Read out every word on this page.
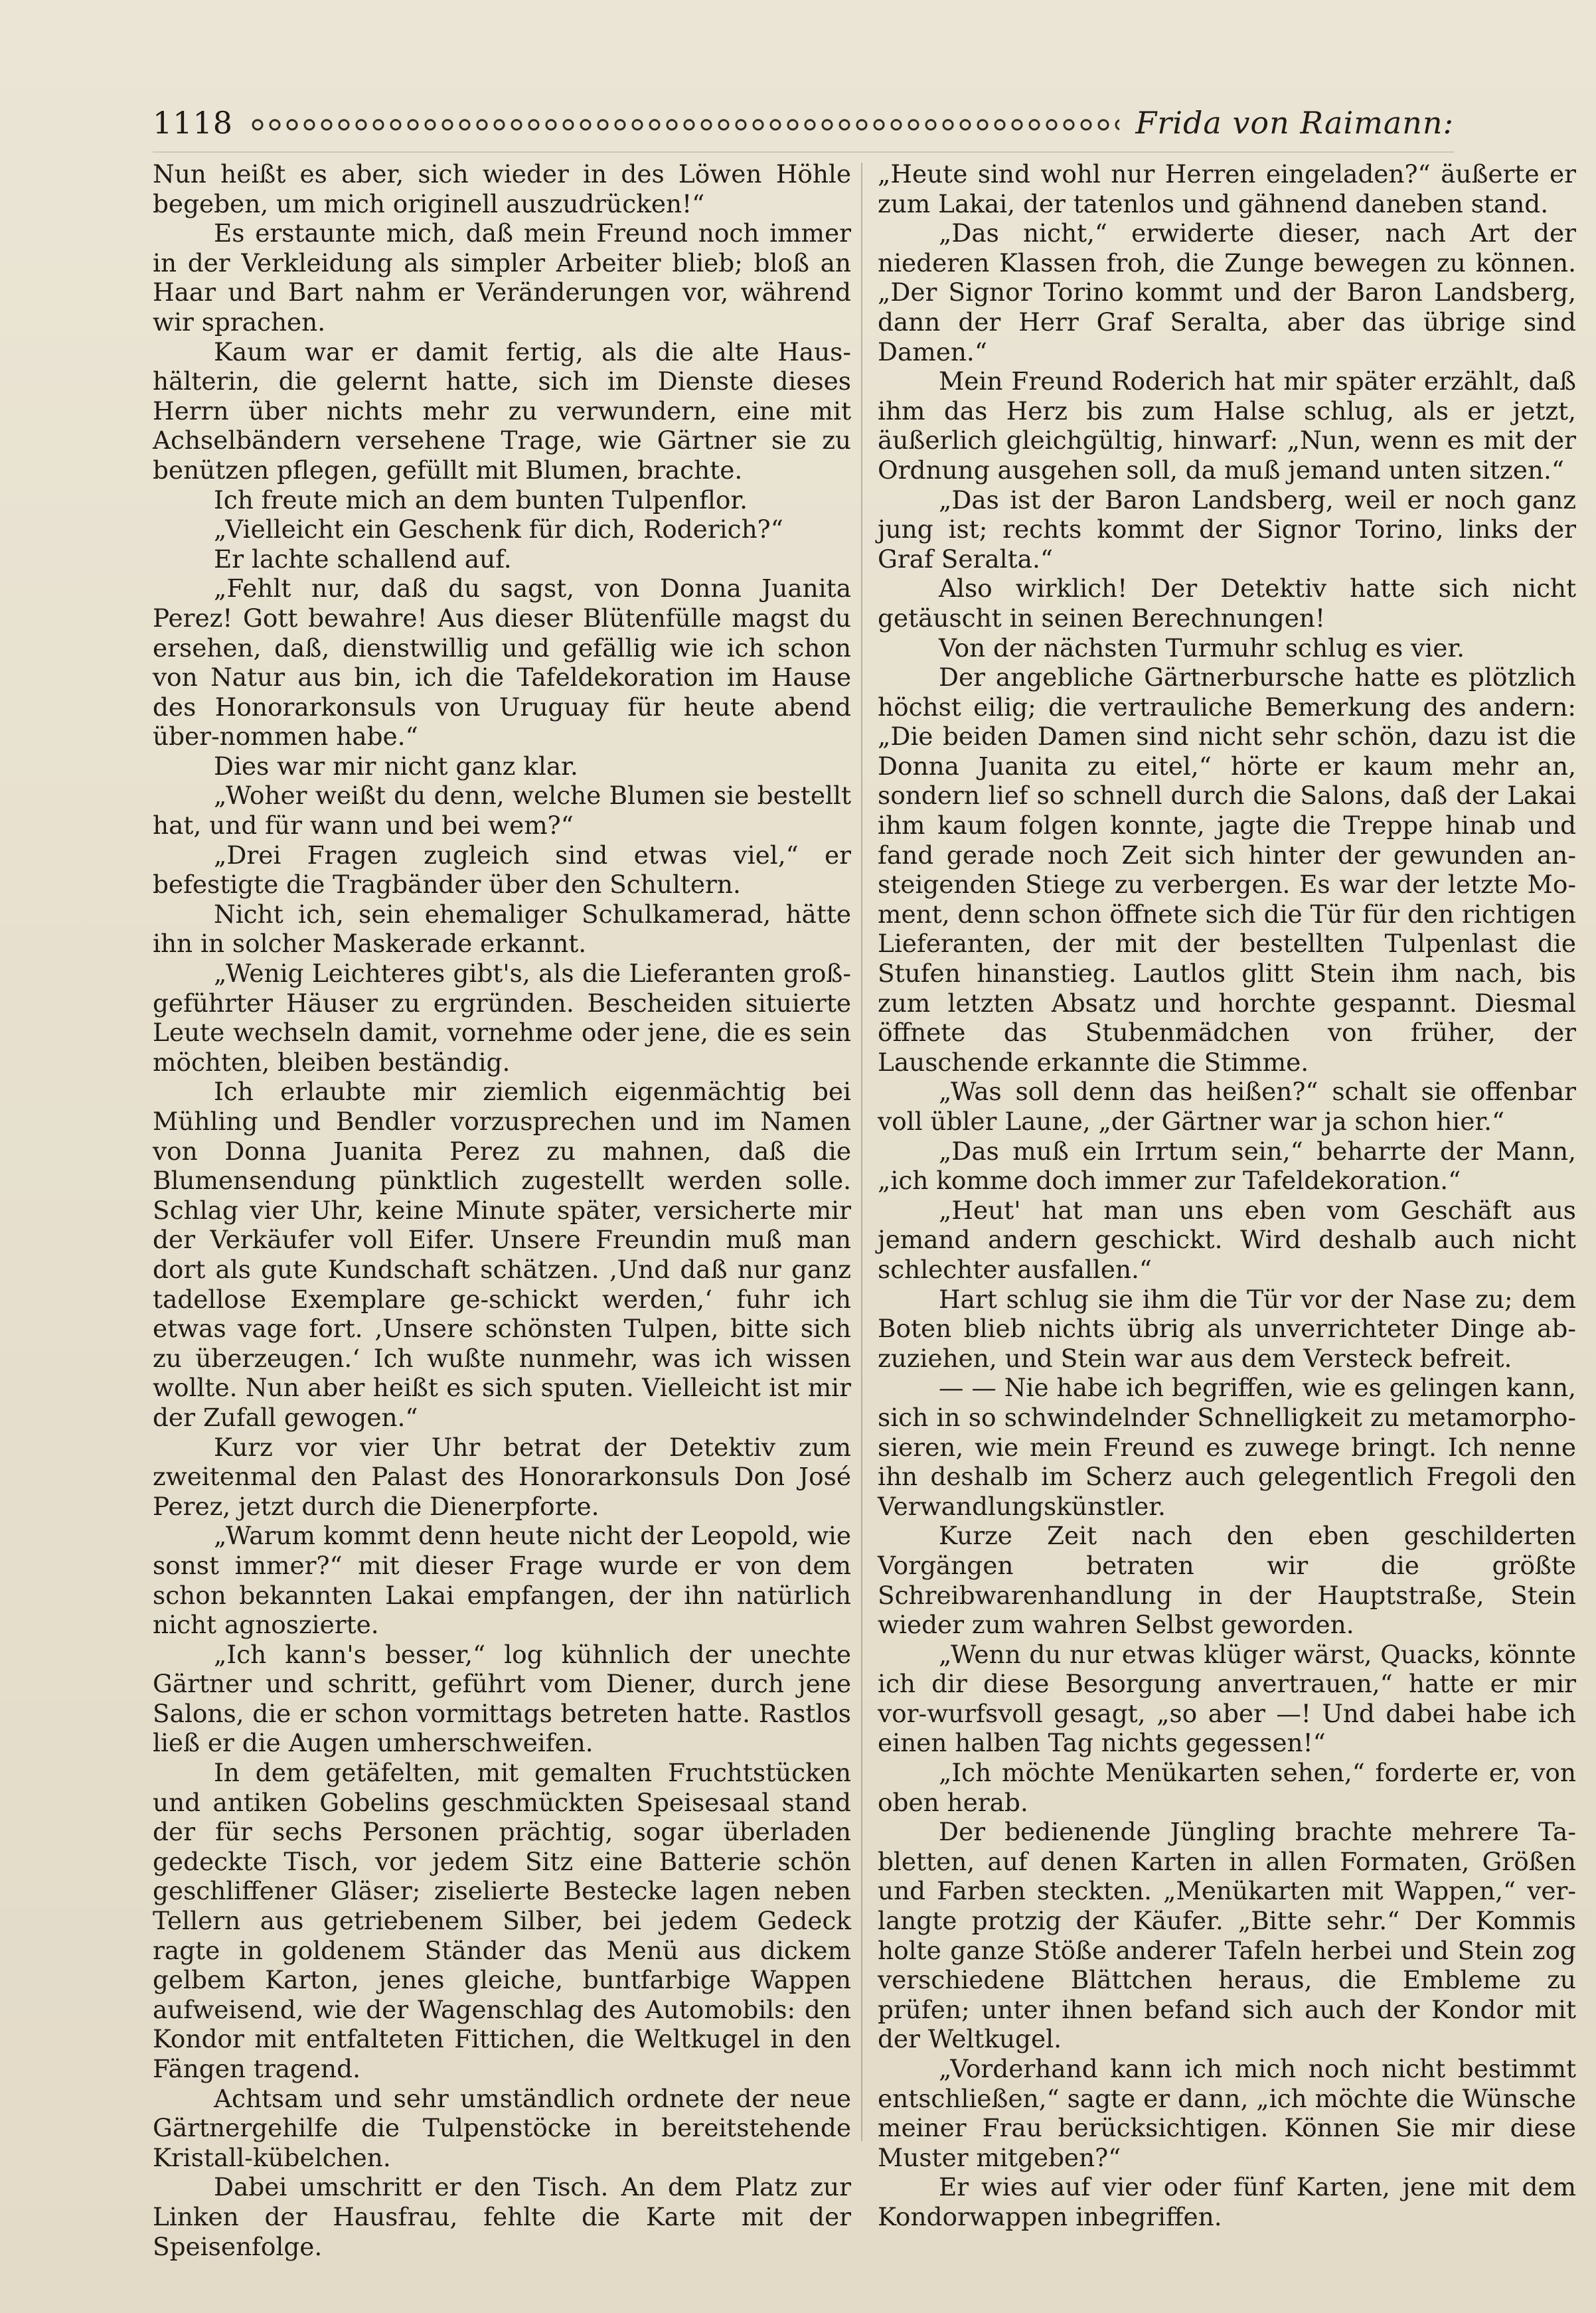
1118	Frida von Raimann:

Nun heißt es aber, sich wieder in des Löwen Höhle begeben, um mich originell auszudrücken!“

Es erstaunte mich, daß mein Freund noch immer in der Verkleidung als simpler Arbeiter blieb; bloß an Haar und Bart nahm er Veränderungen vor, während wir sprachen.

Kaum war er damit fertig, als die alte Haus-hälterin, die gelernt hatte, sich im Dienste dieses Herrn über nichts mehr zu verwundern, eine mit Achselbändern versehene Trage, wie Gärtner sie zu benützen pflegen, gefüllt mit Blumen, brachte.

Ich freute mich an dem bunten Tulpenflor.

„Vielleicht ein Geschenk für dich, Roderich?“

Er lachte schallend auf.

„Fehlt nur, daß du sagst, von Donna Juanita Perez! Gott bewahre! Aus dieser Blütenfülle magst du ersehen, daß, dienstwillig und gefällig wie ich schon von Natur aus bin, ich die Tafeldekoration im Hause des Honorarkonsuls von Uruguay für heute abend über-nommen habe.“

Dies war mir nicht ganz klar.

„Woher weißt du denn, welche Blumen sie bestellt hat, und für wann und bei wem?“

„Drei Fragen zugleich sind etwas viel,“ er befestigte die Tragbänder über den Schultern.

Nicht ich, sein ehemaliger Schulkamerad, hätte ihn in solcher Maskerade erkannt.

„Wenig Leichteres gibt's, als die Lieferanten groß-geführter Häuser zu ergründen. Bescheiden situierte Leute wechseln damit, vornehme oder jene, die es sein möchten, bleiben beständig.

Ich erlaubte mir ziemlich eigenmächtig bei Mühling und Bendler vorzusprechen und im Namen von Donna Juanita Perez zu mahnen, daß die Blumensendung pünktlich zugestellt werden solle. Schlag vier Uhr, keine Minute später, versicherte mir der Verkäufer voll Eifer. Unsere Freundin muß man dort als gute Kundschaft schätzen. ‚Und daß nur ganz tadellose Exemplare ge-schickt werden,‘ fuhr ich etwas vage fort. ‚Unsere schönsten Tulpen, bitte sich zu überzeugen.‘ Ich wußte nunmehr, was ich wissen wollte. Nun aber heißt es sich sputen. Vielleicht ist mir der Zufall gewogen.“

Kurz vor vier Uhr betrat der Detektiv zum zweitenmal den Palast des Honorarkonsuls Don José Perez, jetzt durch die Dienerpforte.

„Warum kommt denn heute nicht der Leopold, wie sonst immer?“ mit dieser Frage wurde er von dem schon bekannten Lakai empfangen, der ihn natürlich nicht agnoszierte.

„Ich kann's besser,“ log kühnlich der unechte Gärtner und schritt, geführt vom Diener, durch jene Salons, die er schon vormittags betreten hatte. Rastlos ließ er die Augen umherschweifen.

In dem getäfelten, mit gemalten Fruchtstücken und antiken Gobelins geschmückten Speisesaal stand der für sechs Personen prächtig, sogar überladen gedeckte Tisch, vor jedem Sitz eine Batterie schön geschliffener Gläser; ziselierte Bestecke lagen neben Tellern aus getriebenem Silber, bei jedem Gedeck ragte in goldenem Ständer das Menü aus dickem gelbem Karton, jenes gleiche, buntfarbige Wappen aufweisend, wie der Wagenschlag des Automobils: den Kondor mit entfalteten Fittichen, die Weltkugel in den Fängen tragend.

Achtsam und sehr umständlich ordnete der neue Gärtnergehilfe die Tulpenstöcke in bereitstehende Kristall-kübelchen.

Dabei umschritt er den Tisch. An dem Platz zur Linken der Hausfrau, fehlte die Karte mit der Speisenfolge.

„Heute sind wohl nur Herren eingeladen?“ äußerte er zum Lakai, der tatenlos und gähnend daneben stand.

„Das nicht,“ erwiderte dieser, nach Art der niederen Klassen froh, die Zunge bewegen zu können. „Der Signor Torino kommt und der Baron Landsberg, dann der Herr Graf Seralta, aber das übrige sind Damen.“

Mein Freund Roderich hat mir später erzählt, daß ihm das Herz bis zum Halse schlug, als er jetzt, äußerlich gleichgültig, hinwarf: „Nun, wenn es mit der Ordnung ausgehen soll, da muß jemand unten sitzen.“

„Das ist der Baron Landsberg, weil er noch ganz jung ist; rechts kommt der Signor Torino, links der Graf Seralta.“

Also wirklich! Der Detektiv hatte sich nicht getäuscht in seinen Berechnungen!

Von der nächsten Turmuhr schlug es vier.

Der angebliche Gärtnerbursche hatte es plötzlich höchst eilig; die vertrauliche Bemerkung des andern: „Die beiden Damen sind nicht sehr schön, dazu ist die Donna Juanita zu eitel,“ hörte er kaum mehr an, sondern lief so schnell durch die Salons, daß der Lakai ihm kaum folgen konnte, jagte die Treppe hinab und fand gerade noch Zeit sich hinter der gewunden an-steigenden Stiege zu verbergen. Es war der letzte Mo-ment, denn schon öffnete sich die Tür für den richtigen Lieferanten, der mit der bestellten Tulpenlast die Stufen hinanstieg. Lautlos glitt Stein ihm nach, bis zum letzten Absatz und horchte gespannt. Diesmal öffnete das Stubenmädchen von früher, der Lauschende erkannte die Stimme.

„Was soll denn das heißen?“ schalt sie offenbar voll übler Laune, „der Gärtner war ja schon hier.“

„Das muß ein Irrtum sein,“ beharrte der Mann, „ich komme doch immer zur Tafeldekoration.“

„Heut' hat man uns eben vom Geschäft aus jemand andern geschickt. Wird deshalb auch nicht schlechter ausfallen.“

Hart schlug sie ihm die Tür vor der Nase zu; dem Boten blieb nichts übrig als unverrichteter Dinge ab-zuziehen, und Stein war aus dem Versteck befreit.

— — Nie habe ich begriffen, wie es gelingen kann, sich in so schwindelnder Schnelligkeit zu metamorpho-sieren, wie mein Freund es zuwege bringt. Ich nenne ihn deshalb im Scherz auch gelegentlich Fregoli den Verwandlungskünstler.

Kurze Zeit nach den eben geschilderten Vorgängen betraten wir die größte Schreibwarenhandlung in der Hauptstraße, Stein wieder zum wahren Selbst geworden.

„Wenn du nur etwas klüger wärst, Quacks, könnte ich dir diese Besorgung anvertrauen,“ hatte er mir vor-wurfsvoll gesagt, „so aber —! Und dabei habe ich einen halben Tag nichts gegessen!“

„Ich möchte Menükarten sehen,“ forderte er, von oben herab.

Der bedienende Jüngling brachte mehrere Ta-bletten, auf denen Karten in allen Formaten, Größen und Farben steckten. „Menükarten mit Wappen,“ ver-langte protzig der Käufer. „Bitte sehr.“ Der Kommis holte ganze Stöße anderer Tafeln herbei und Stein zog verschiedene Blättchen heraus, die Embleme zu prüfen; unter ihnen befand sich auch der Kondor mit der Weltkugel.

„Vorderhand kann ich mich noch nicht bestimmt entschließen,“ sagte er dann, „ich möchte die Wünsche meiner Frau berücksichtigen. Können Sie mir diese Muster mitgeben?“

Er wies auf vier oder fünf Karten, jene mit dem Kondorwappen inbegriffen.
